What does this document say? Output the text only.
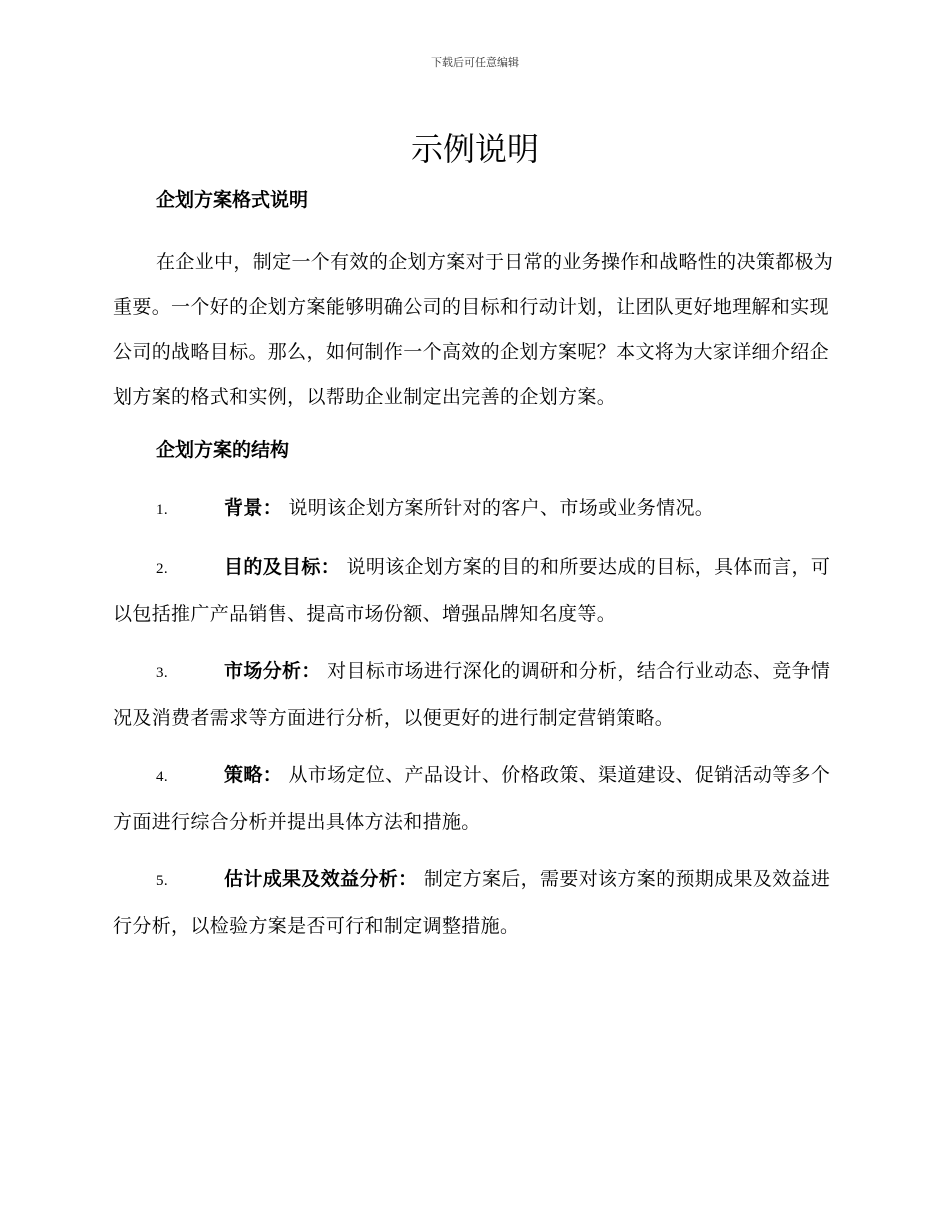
下载后可任意编辑
示例说明
企划方案格式说明

在企业中，制定一个有效的企划方案对于日常的业务操作和战略性的决策都极为重要。一个好的企划方案能够明确公司的目标和行动计划，让团队更好地理解和实现公司的战略目标。那么，如何制作一个高效的企划方案呢？本文将为大家详细介绍企划方案的格式和实例，以帮助企业制定出完善的企划方案。

企划方案的结构

1.	背景： 说明该企划方案所针对的客户、市场或业务情况。

2.	目的及目标： 说明该企划方案的目的和所要达成的目标，具体而言，可以包括推广产品销售、提高市场份额、增强品牌知名度等。

3.	市场分析： 对目标市场进行深化的调研和分析，结合行业动态、竞争情况及消费者需求等方面进行分析，以便更好的进行制定营销策略。

4.	策略： 从市场定位、产品设计、价格政策、渠道建设、促销活动等多个方面进行综合分析并提出具体方法和措施。

5.	估计成果及效益分析： 制定方案后，需要对该方案的预期成果及效益进行分析，以检验方案是否可行和制定调整措施。
